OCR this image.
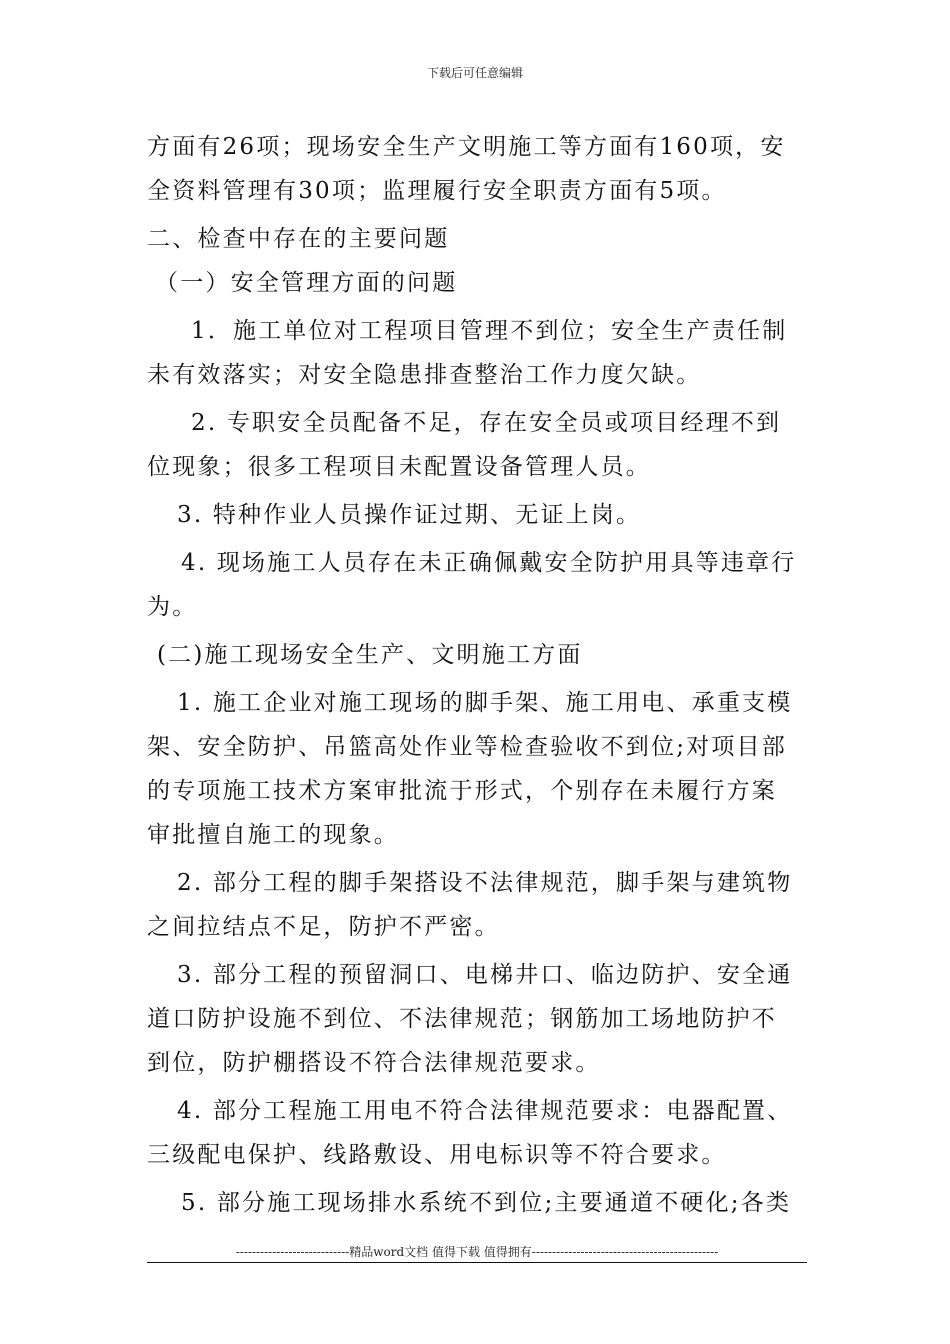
下载后可任意编辑
方面有26项；现场安全生产文明施工等方面有160项，安
全资料管理有30项；监理履行安全职责方面有5项。
二、检查中存在的主要问题
（一）安全管理方面的问题
1．施工单位对工程项目管理不到位；安全生产责任制
未有效落实；对安全隐患排查整治工作力度欠缺。
2. 专职安全员配备不足，存在安全员或项目经理不到
位现象；很多工程项目未配置设备管理人员。
3. 特种作业人员操作证过期、无证上岗。
4. 现场施工人员存在未正确佩戴安全防护用具等违章行
为。
(二)施工现场安全生产、文明施工方面
1. 施工企业对施工现场的脚手架、施工用电、承重支模
架、安全防护、吊篮高处作业等检查验收不到位;对项目部
的专项施工技术方案审批流于形式，个别存在未履行方案
审批擅自施工的现象。
2. 部分工程的脚手架搭设不法律规范，脚手架与建筑物
之间拉结点不足，防护不严密。
3. 部分工程的预留洞口、电梯井口、临边防护、安全通
道口防护设施不到位、不法律规范；钢筋加工场地防护不
到位，防护棚搭设不符合法律规范要求。
4. 部分工程施工用电不符合法律规范要求：电器配置、
三级配电保护、线路敷设、用电标识等不符合要求。
5. 部分施工现场排水系统不到位;主要通道不硬化;各类
----------------------------精品word文档 值得下载 值得拥有----------------------------------------------
